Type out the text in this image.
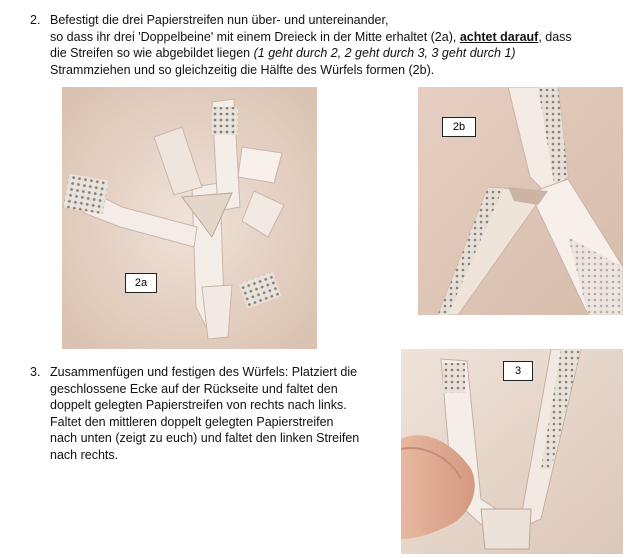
2. Befestigt die drei Papierstreifen nun über- und untereinander,
so dass ihr drei 'Doppelbeine' mit einem Dreieck in der Mitte erhaltet (2a), achtet darauf, dass
die Streifen so wie abgebildet liegen (1 geht durch 2, 2 geht durch 3, 3 geht durch 1)
Strammziehen und so gleichzeitig die Hälfte des Würfels formen (2b).
2a
2b
3. Zusammenfügen und festigen des Würfels: Platziert die
geschlossene Ecke auf der Rückseite und faltet den
doppelt gelegten Papierstreifen von rechts nach links.
Faltet den mittleren doppelt gelegten Papierstreifen
nach unten (zeigt zu euch) und faltet den linken Streifen
nach rechts.
3
